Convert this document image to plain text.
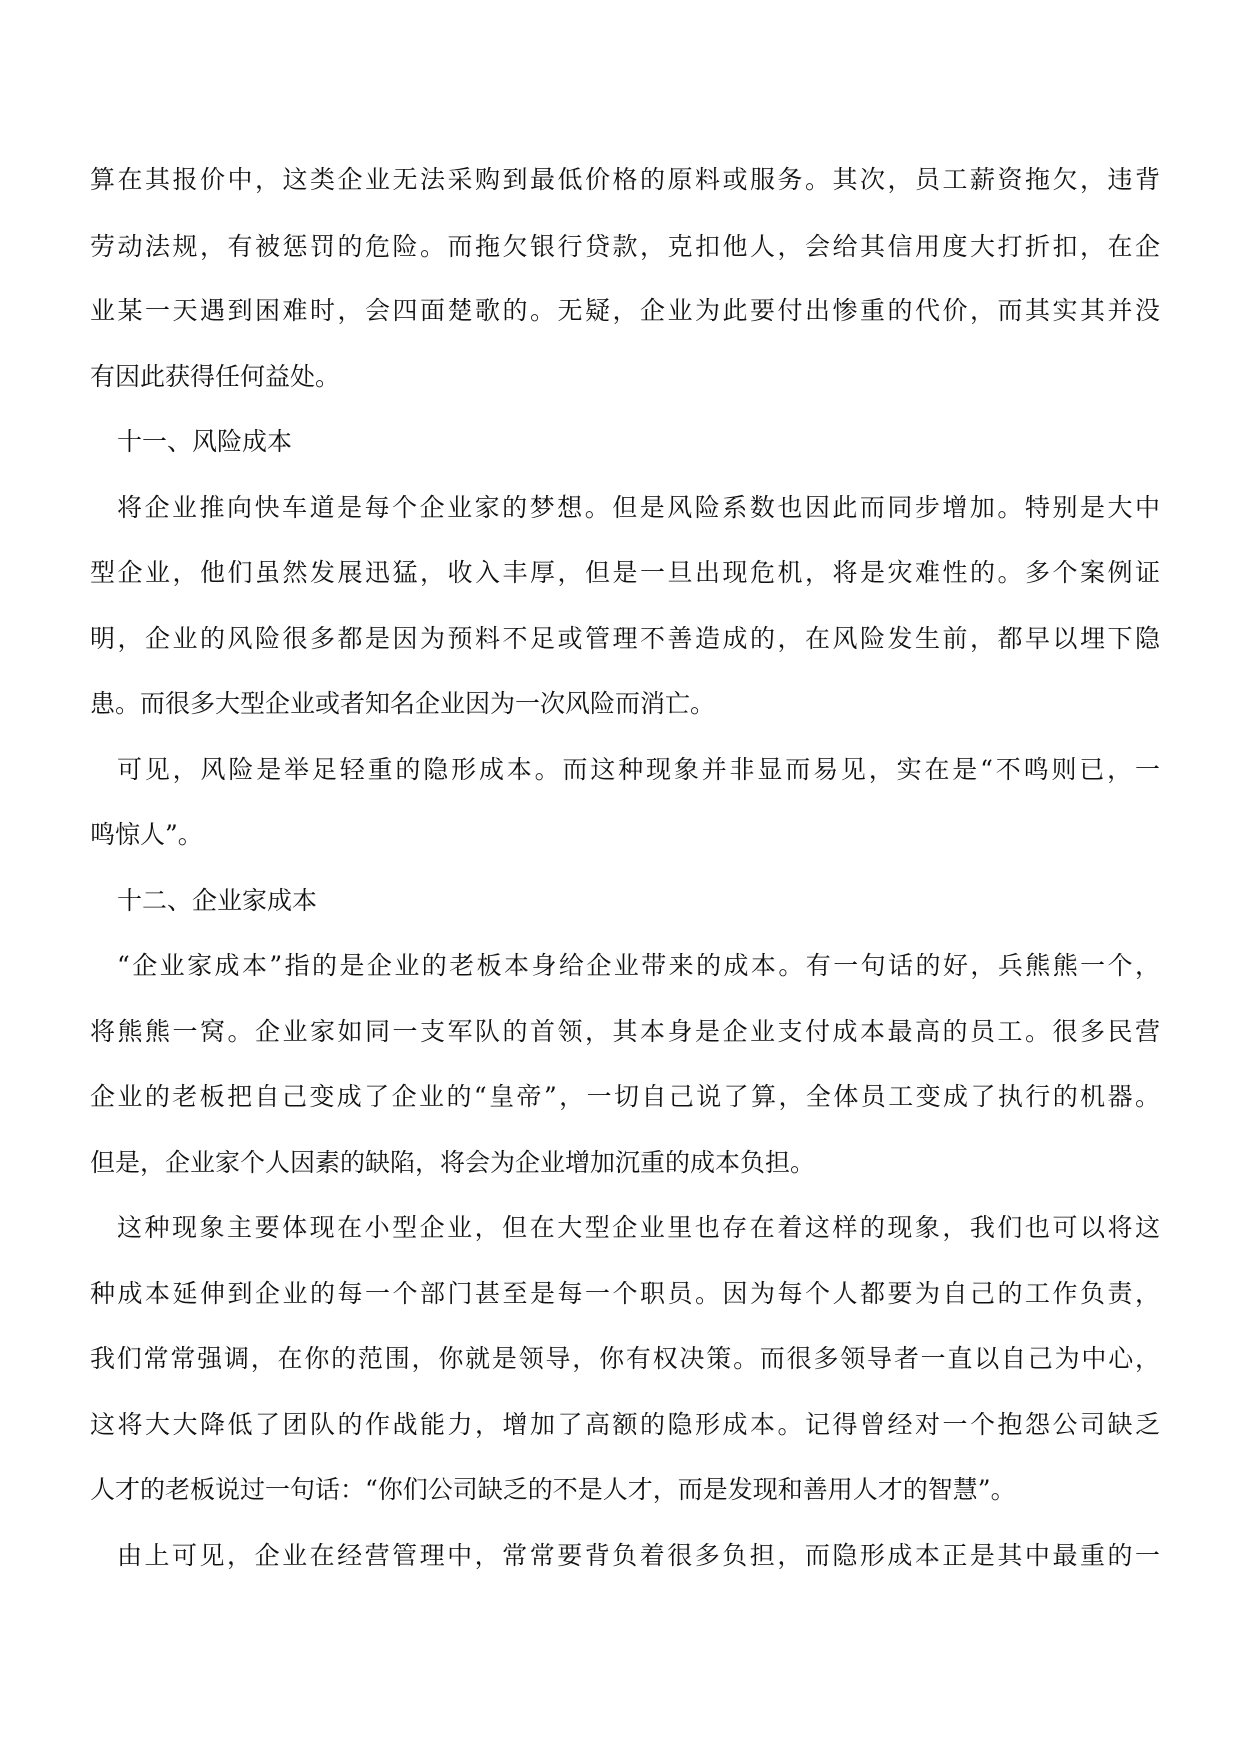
算在其报价中，这类企业无法采购到最低价格的原料或服务。其次，员工薪资拖欠，违背
劳动法规，有被惩罚的危险。而拖欠银行贷款，克扣他人，会给其信用度大打折扣，在企
业某一天遇到困难时，会四面楚歌的。无疑，企业为此要付出惨重的代价，而其实其并没
有因此获得任何益处。
十一、风险成本
将企业推向快车道是每个企业家的梦想。但是风险系数也因此而同步增加。特别是大中
型企业，他们虽然发展迅猛，收入丰厚，但是一旦出现危机，将是灾难性的。多个案例证
明，企业的风险很多都是因为预料不足或管理不善造成的，在风险发生前，都早以埋下隐
患。而很多大型企业或者知名企业因为一次风险而消亡。
可见，风险是举足轻重的隐形成本。而这种现象并非显而易见，实在是“不鸣则已，一
鸣惊人”。
十二、企业家成本
“企业家成本”指的是企业的老板本身给企业带来的成本。有一句话的好，兵熊熊一个，
将熊熊一窝。企业家如同一支军队的首领，其本身是企业支付成本最高的员工。很多民营
企业的老板把自己变成了企业的“皇帝”，一切自己说了算，全体员工变成了执行的机器。
但是，企业家个人因素的缺陷，将会为企业增加沉重的成本负担。
这种现象主要体现在小型企业，但在大型企业里也存在着这样的现象，我们也可以将这
种成本延伸到企业的每一个部门甚至是每一个职员。因为每个人都要为自己的工作负责，
我们常常强调，在你的范围，你就是领导，你有权决策。而很多领导者一直以自己为中心，
这将大大降低了团队的作战能力，增加了高额的隐形成本。记得曾经对一个抱怨公司缺乏
人才的老板说过一句话：“你们公司缺乏的不是人才，而是发现和善用人才的智慧”。
由上可见，企业在经营管理中，常常要背负着很多负担，而隐形成本正是其中最重的一
